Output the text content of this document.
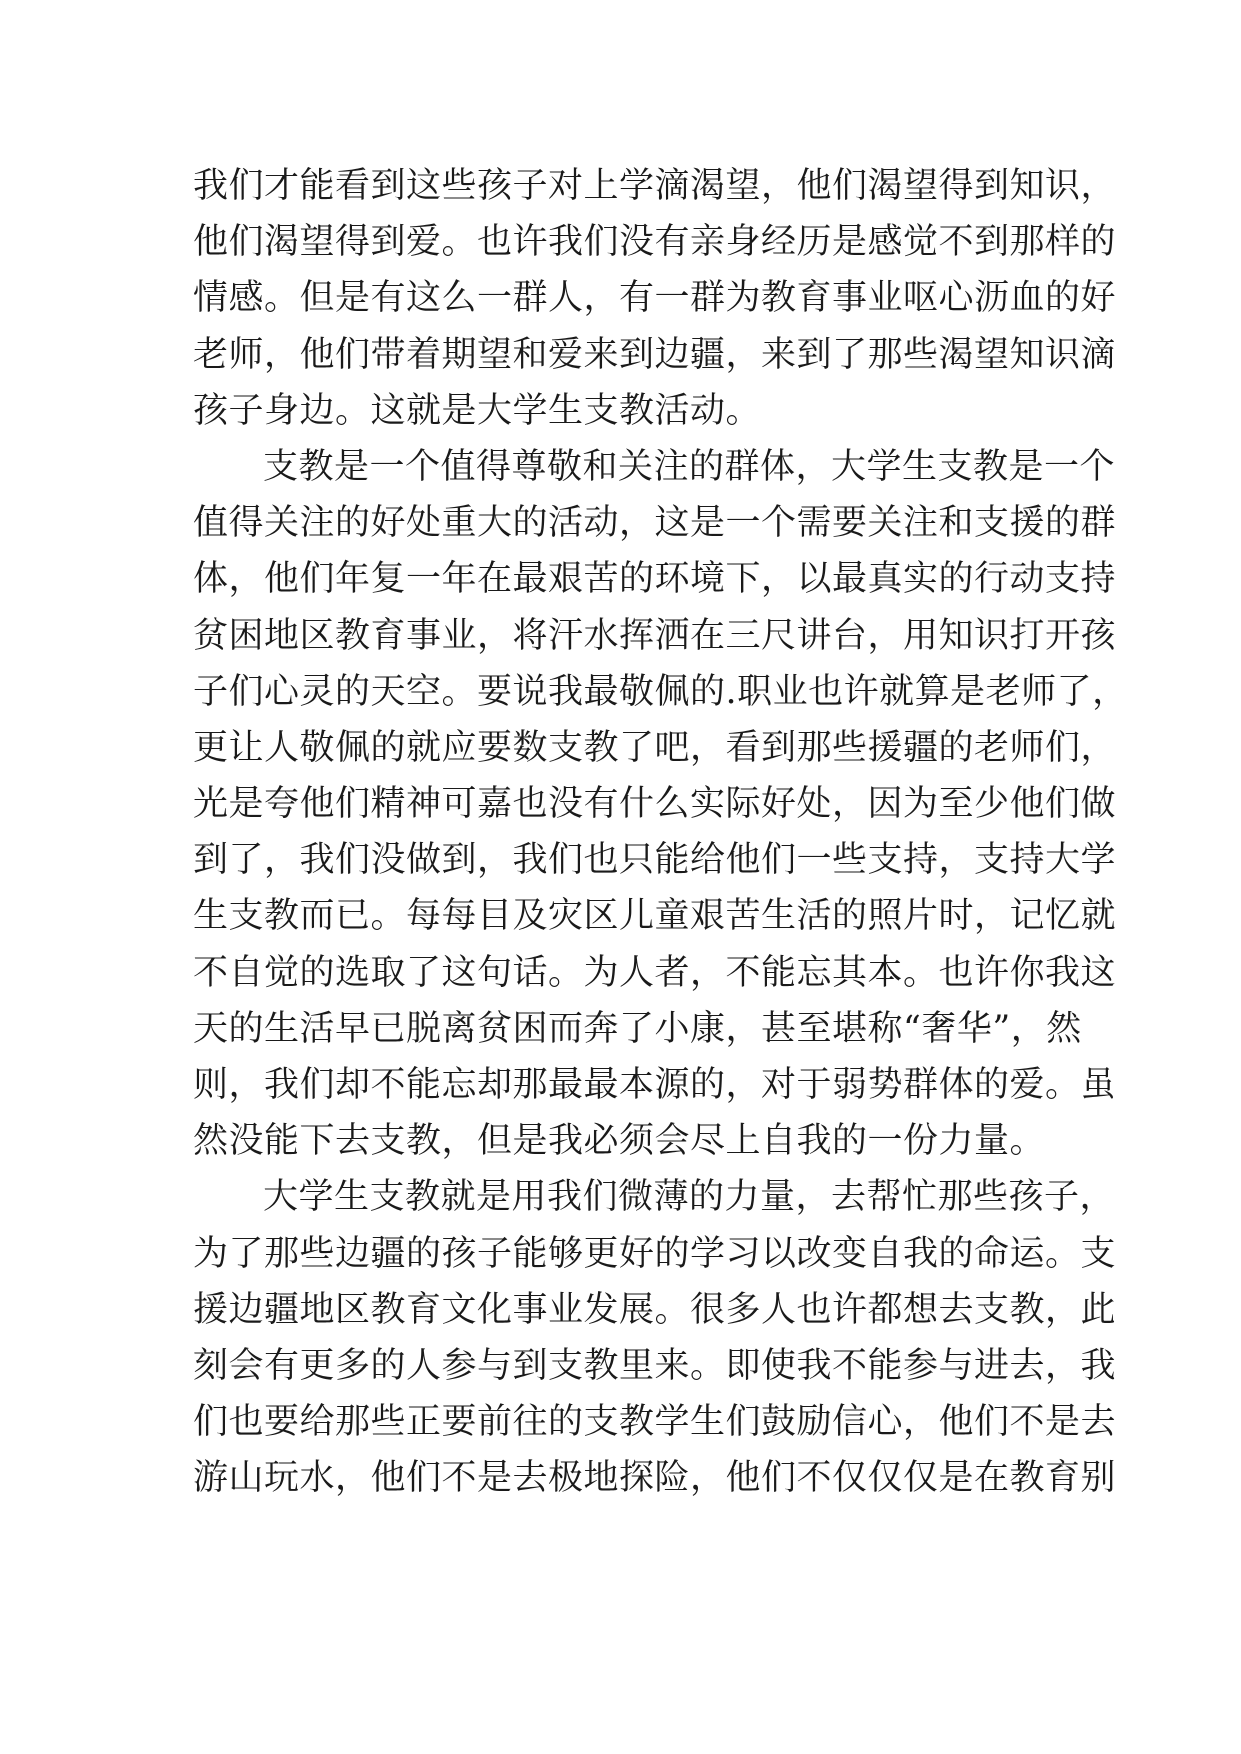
我们才能看到这些孩子对上学滴渴望，他们渴望得到知识，
他们渴望得到爱。也许我们没有亲身经历是感觉不到那样的
情感。但是有这么一群人，有一群为教育事业呕心沥血的好
老师，他们带着期望和爱来到边疆，来到了那些渴望知识滴
孩子身边。这就是大学生支教活动。
支教是一个值得尊敬和关注的群体，大学生支教是一个
值得关注的好处重大的活动，这是一个需要关注和支援的群
体，他们年复一年在最艰苦的环境下，以最真实的行动支持
贫困地区教育事业，将汗水挥洒在三尺讲台，用知识打开孩
子们心灵的天空。要说我最敬佩的.职业也许就算是老师了，
更让人敬佩的就应要数支教了吧，看到那些援疆的老师们，
光是夸他们精神可嘉也没有什么实际好处，因为至少他们做
到了，我们没做到，我们也只能给他们一些支持，支持大学
生支教而已。每每目及灾区儿童艰苦生活的照片时，记忆就
不自觉的选取了这句话。为人者，不能忘其本。也许你我这
天的生活早已脱离贫困而奔了小康，甚至堪称“奢华”，然
则，我们却不能忘却那最最本源的，对于弱势群体的爱。虽
然没能下去支教，但是我必须会尽上自我的一份力量。
大学生支教就是用我们微薄的力量，去帮忙那些孩子，
为了那些边疆的孩子能够更好的学习以改变自我的命运。支
援边疆地区教育文化事业发展。很多人也许都想去支教，此
刻会有更多的人参与到支教里来。即使我不能参与进去，我
们也要给那些正要前往的支教学生们鼓励信心，他们不是去
游山玩水，他们不是去极地探险，他们不仅仅仅是在教育别
